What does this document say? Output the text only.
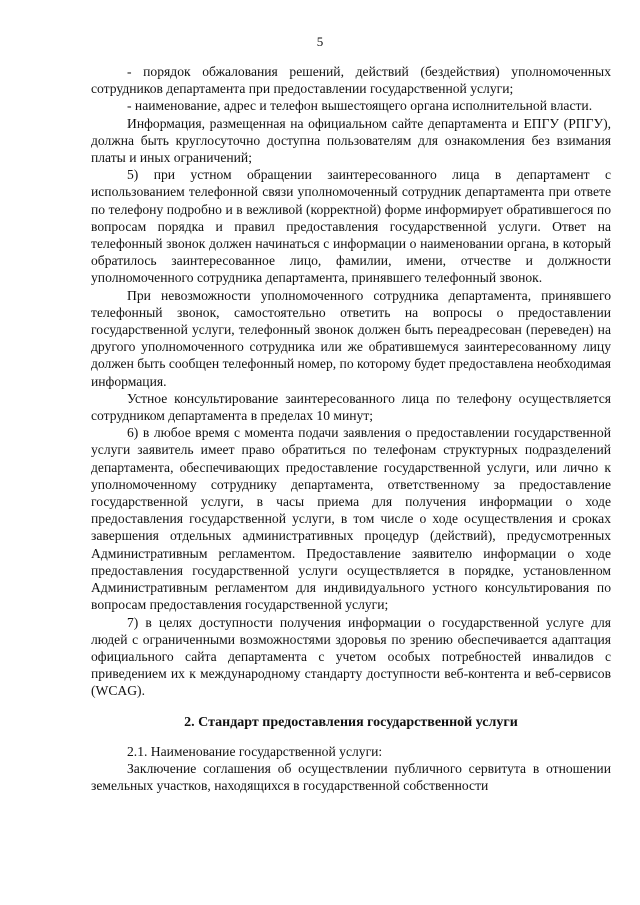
5

- порядок обжалования решений, действий (бездействия) уполномоченных сотрудников департамента при предоставлении государственной услуги;

- наименование, адрес и телефон вышестоящего органа исполнительной власти.

Информация, размещенная на официальном сайте департамента и ЕПГУ (РПГУ), должна быть круглосуточно доступна пользователям для ознакомления без взимания платы и иных ограничений;

5) при устном обращении заинтересованного лица в департамент с использованием телефонной связи уполномоченный сотрудник департамента при ответе по телефону подробно и в вежливой (корректной) форме информирует обратившегося по вопросам порядка и правил предоставления государственной услуги. Ответ на телефонный звонок должен начинаться с информации о наименовании органа, в который обратилось заинтересованное лицо, фамилии, имени, отчестве и должности уполномоченного сотрудника департамента, принявшего телефонный звонок.

При невозможности уполномоченного сотрудника департамента, принявшего телефонный звонок, самостоятельно ответить на вопросы о предоставлении государственной услуги, телефонный звонок должен быть переадресован (переведен) на другого уполномоченного сотрудника или же обратившемуся заинтересованному лицу должен быть сообщен телефонный номер, по которому будет предоставлена необходимая информация.

Устное консультирование заинтересованного лица по телефону осуществляется сотрудником департамента в пределах 10 минут;

6) в любое время с момента подачи заявления о предоставлении государственной услуги заявитель имеет право обратиться по телефонам структурных подразделений департамента, обеспечивающих предоставление государственной услуги, или лично к уполномоченному сотруднику департамента, ответственному за предоставление государственной услуги, в часы приема для получения информации о ходе предоставления государственной услуги, в том числе о ходе осуществления и сроках завершения отдельных административных процедур (действий), предусмотренных Административным регламентом. Предоставление заявителю информации о ходе предоставления государственной услуги осуществляется в порядке, установленном Административным регламентом для индивидуального устного консультирования по вопросам предоставления государственной услуги;

7) в целях доступности получения информации о государственной услуге для людей с ограниченными возможностями здоровья по зрению обеспечивается адаптация официального сайта департамента с учетом особых потребностей инвалидов с приведением их к международному стандарту доступности веб-контента и веб-сервисов (WCAG).

2. Стандарт предоставления государственной услуги

2.1. Наименование государственной услуги:

Заключение соглашения об осуществлении публичного сервитута в отношении земельных участков, находящихся в государственной собственности
